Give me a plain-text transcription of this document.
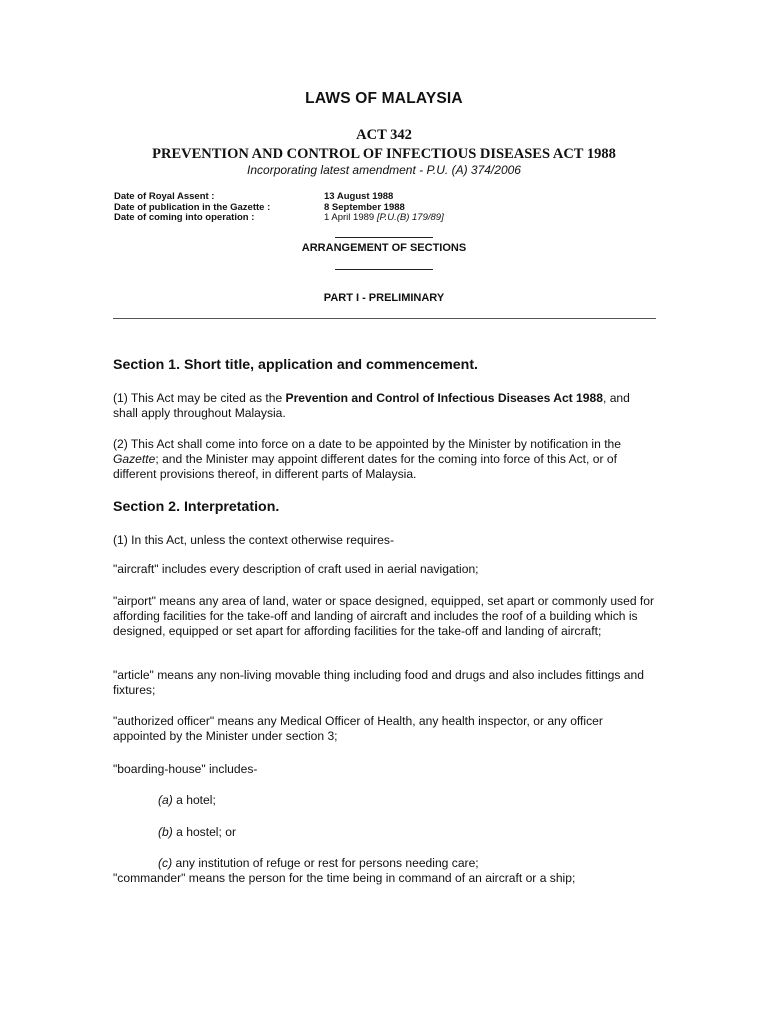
LAWS OF MALAYSIA

ACT 342

PREVENTION AND CONTROL OF INFECTIOUS DISEASES ACT 1988

Incorporating latest amendment - P.U. (A) 374/2006

Date of Royal Assent :	13 August 1988
Date of publication in the Gazette :	8 September 1988
Date of coming into operation :	1 April 1989 [P.U.(B) 179/89]

ARRANGEMENT OF SECTIONS

PART I - PRELIMINARY

Section 1. Short title, application and commencement.

(1) This Act may be cited as the Prevention and Control of Infectious Diseases Act 1988, and shall apply throughout Malaysia.

(2) This Act shall come into force on a date to be appointed by the Minister by notification in the Gazette; and the Minister may appoint different dates for the coming into force of this Act, or of different provisions thereof, in different parts of Malaysia.

Section 2. Interpretation.

(1) In this Act, unless the context otherwise requires-

"aircraft" includes every description of craft used in aerial navigation;

"airport" means any area of land, water or space designed, equipped, set apart or commonly used for affording facilities for the take-off and landing of aircraft and includes the roof of a building which is designed, equipped or set apart for affording facilities for the take-off and landing of aircraft;

"article" means any non-living movable thing including food and drugs and also includes fittings and fixtures;

"authorized officer" means any Medical Officer of Health, any health inspector, or any officer appointed by the Minister under section 3;

"boarding-house" includes-

(a) a hotel;

(b) a hostel; or

(c) any institution of refuge or rest for persons needing care;

"commander" means the person for the time being in command of an aircraft or a ship;
